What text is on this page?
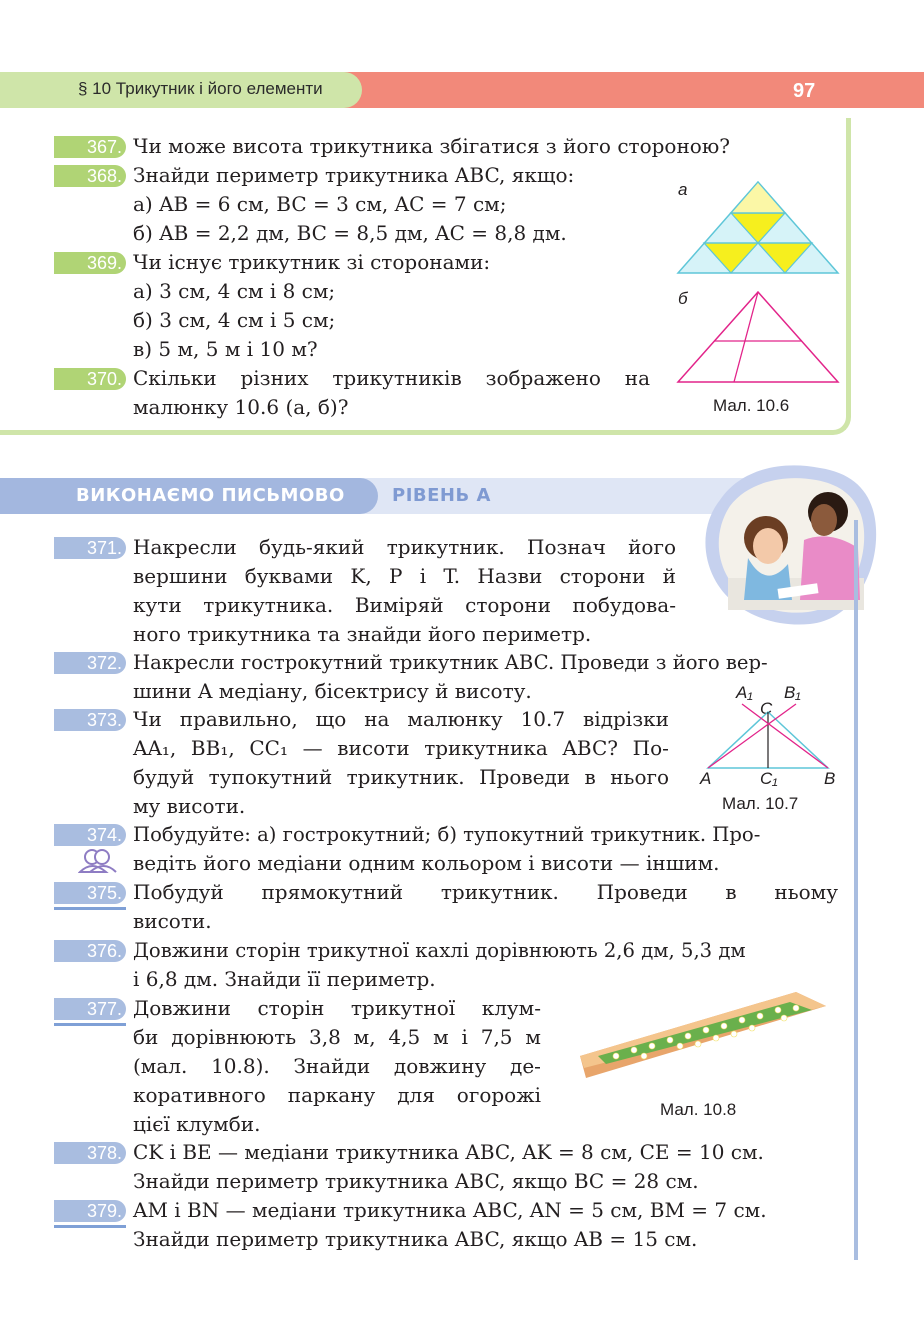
§ 10 Трикутник і його елементи	97
367. Чи може висота трикутника збігатися з його стороною?
368. Знайди периметр трикутника ABC, якщо:
а) AB = 6 см, BC = 3 см, AC = 7 см;
б) AB = 2,2 дм, BC = 8,5 дм, AC = 8,8 дм.
369. Чи існує трикутник зі сторонами:
а) 3 см, 4 см і 8 см;
б) 3 см, 4 см і 5 см;
в) 5 м, 5 м і 10 м?
370. Скільки різних трикутників зображено на
малюнку 10.6 (а, б)?
а
б
Мал. 10.6
ВИКОНАЄМО ПИСЬМОВО	РІВЕНЬ А
371. Накресли будь-який трикутник. Познач його
вершини буквами K, P і T. Назви сторони й
кути трикутника. Виміряй сторони побудова-
ного трикутника та знайди його периметр.
372. Накресли гострокутний трикутник ABC. Проведи з його вер-
шини A медіану, бісектрису й висоту.
373. Чи правильно, що на малюнку 10.7 відрізки
AA₁, BB₁, CC₁ — висоти трикутника ABC? По-
будуй тупокутний трикутник. Проведи в нього
му висоти.
A₁ B₁
C
A	C₁	B
Мал. 10.7
374. Побудуйте: а) гострокутний; б) тупокутний трикутник. Про-
ведіть його медіани одним кольором і висоти — іншим.
375. Побудуй прямокутний трикутник. Проведи в ньому
висоти.
376. Довжини сторін трикутної кахлі дорівнюють 2,6 дм, 5,3 дм
і 6,8 дм. Знайди її периметр.
377. Довжини сторін трикутної клум-
би дорівнюють 3,8 м, 4,5 м і 7,5 м
(мал. 10.8). Знайди довжину де-
коративного паркану для огорожі
цієї клумби.
Мал. 10.8
378. CK і BE — медіани трикутника ABC, AK = 8 см, CE = 10 см.
Знайди периметр трикутника ABC, якщо BC = 28 см.
379. AM і BN — медіани трикутника ABC, AN = 5 см, BM = 7 см.
Знайди периметр трикутника ABC, якщо AB = 15 см.
